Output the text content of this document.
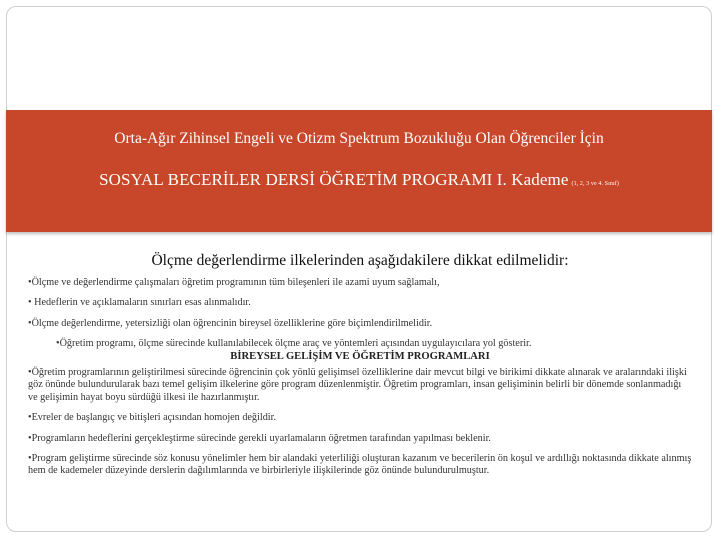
Orta-Ağır Zihinsel Engeli ve Otizm Spektrum Bozukluğu Olan Öğrenciler İçin
SOSYAL BECERİLER DERSİ ÖĞRETİM PROGRAMI I. Kademe (1, 2, 3 ve 4. Sınıf)
Ölçme değerlendirme ilkelerinden aşağıdakilere dikkat edilmelidir:

•Ölçme ve değerlendirme çalışmaları öğretim programının tüm bileşenleri ile azami uyum sağlamalı,

• Hedeflerin ve açıklamaların sınırları esas alınmalıdır.

•Ölçme değerlendirme, yetersizliği olan öğrencinin bireysel özelliklerine göre biçimlendirilmelidir.

•Öğretim programı, ölçme sürecinde kullanılabilecek ölçme araç ve yöntemleri açısından uygulayıcılara yol gösterir.

BİREYSEL GELİŞİM VE ÖĞRETİM PROGRAMLARI

•Öğretim programlarının geliştirilmesi sürecinde öğrencinin çok yönlü gelişimsel özelliklerine dair mevcut bilgi ve birikimi dikkate alınarak ve aralarındaki ilişki göz önünde bulundurularak bazı temel gelişim ilkelerine göre program düzenlenmiştir. Öğretim programları, insan gelişiminin belirli bir dönemde sonlanmadığı ve gelişimin hayat boyu sürdüğü ilkesi ile hazırlanmıştır.

•Evreler de başlangıç ve bitişleri açısından homojen değildir.

•Programların hedeflerini gerçekleştirme sürecinde gerekli uyarlamaların öğretmen tarafından yapılması beklenir.

•Program geliştirme sürecinde söz konusu yönelimler hem bir alandaki yeterliliği oluşturan kazanım ve becerilerin ön koşul ve ardıllığı noktasında dikkate alınmış hem de kademeler düzeyinde derslerin dağılımlarında ve birbirleriyle ilişkilerinde göz önünde bulundurulmuştur.
